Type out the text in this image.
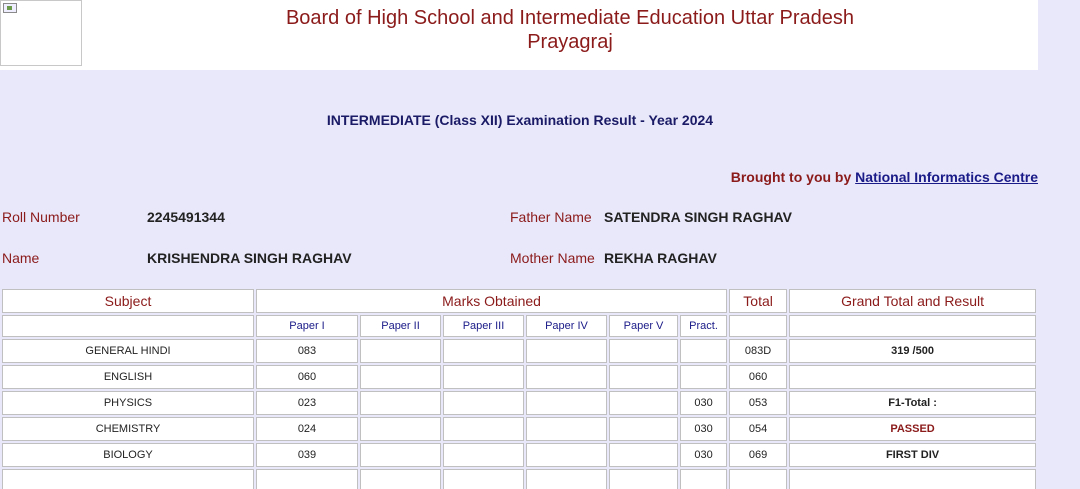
Board of High School and Intermediate Education Uttar Pradesh
Prayagraj
INTERMEDIATE (Class XII) Examination Result - Year 2024
Brought to you by National Informatics Centre
Roll Number	2245491344	Father Name SATENDRA SINGH RAGHAV
Name	KRISHENDRA SINGH RAGHAV	Mother Name REKHA RAGHAV
Subject	Marks Obtained						Total	Grand Total and Result
	Paper I	Paper II	Paper III	Paper IV	Paper V	Pract.		
GENERAL HINDI	083						083D	319 /500
ENGLISH	060						060	
PHYSICS	023					030	053	F1-Total :
CHEMISTRY	024					030	054	PASSED
BIOLOGY	039					030	069	FIRST DIV
